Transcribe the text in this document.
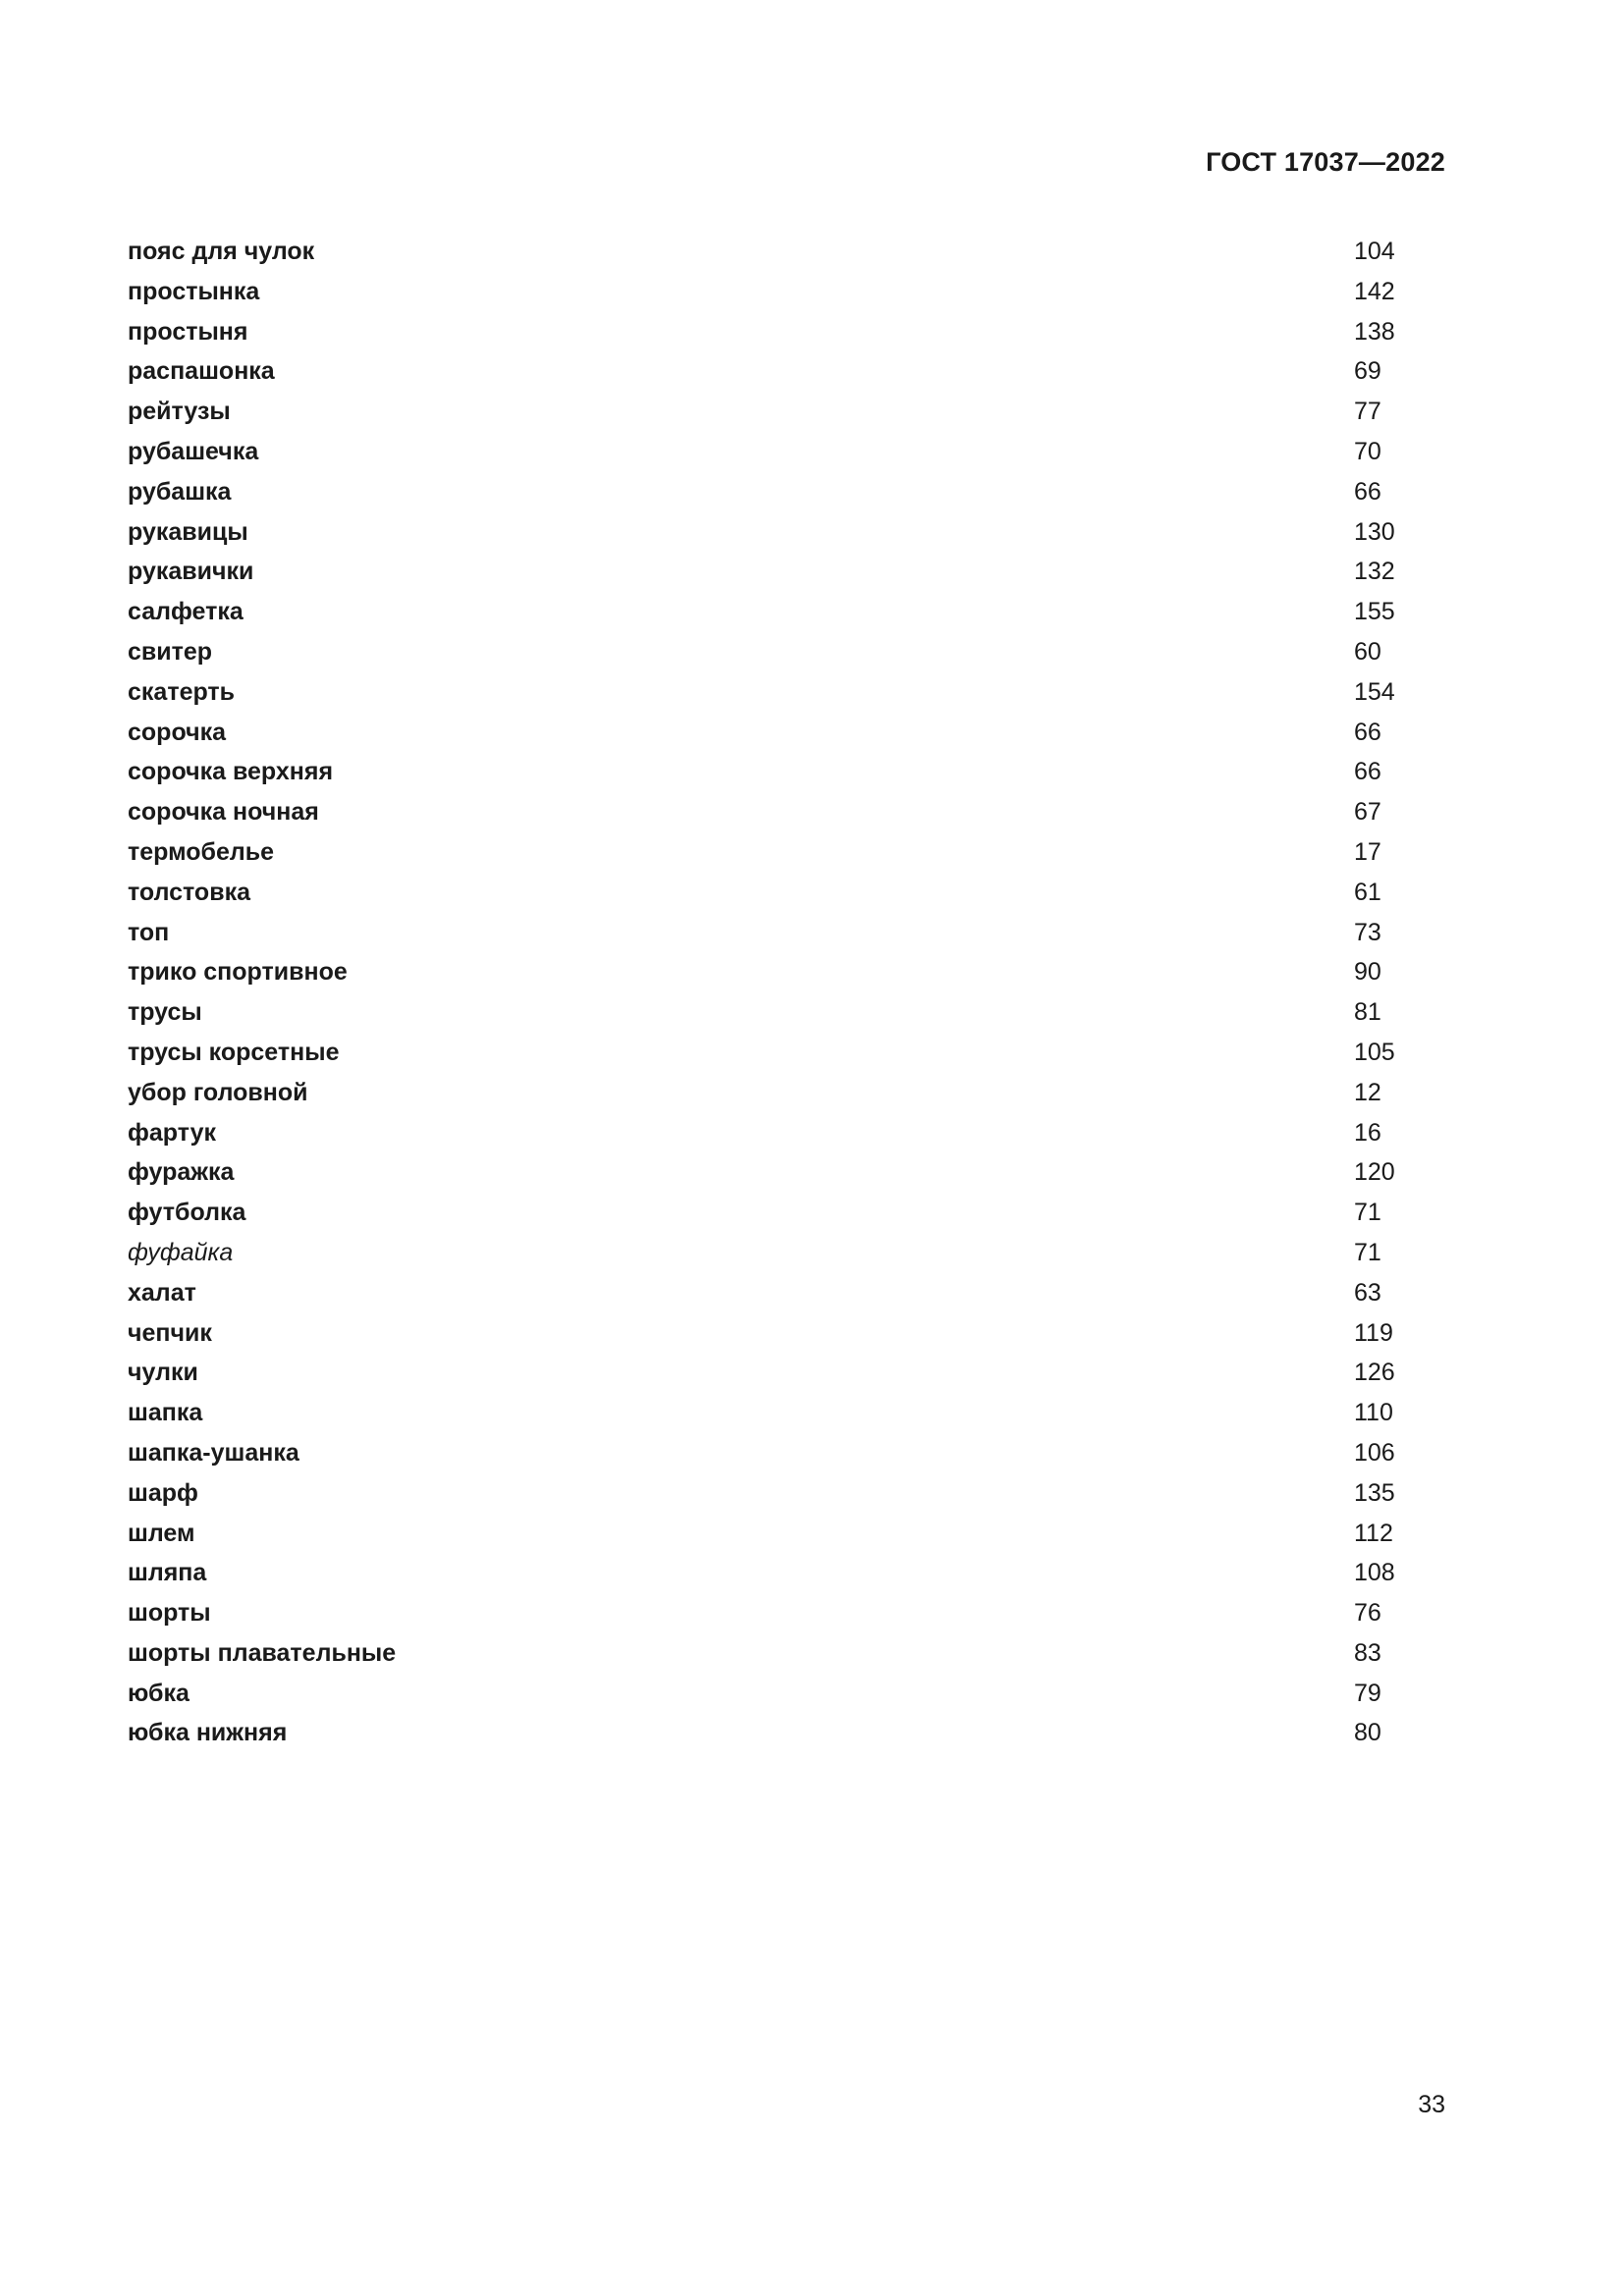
ГОСТ 17037—2022
пояс для чулок	104
простынка	142
простыня	138
распашонка	69
рейтузы	77
рубашечка	70
рубашка	66
рукавицы	130
рукавички	132
салфетка	155
свитер	60
скатерть	154
сорочка	66
сорочка верхняя	66
сорочка ночная	67
термобелье	17
толстовка	61
топ	73
трико спортивное	90
трусы	81
трусы корсетные	105
убор головной	12
фартук	16
фуражка	120
футболка	71
фуфайка	71
халат	63
чепчик	119
чулки	126
шапка	110
шапка-ушанка	106
шарф	135
шлем	112
шляпа	108
шорты	76
шорты плавательные	83
юбка	79
юбка нижняя	80
33
